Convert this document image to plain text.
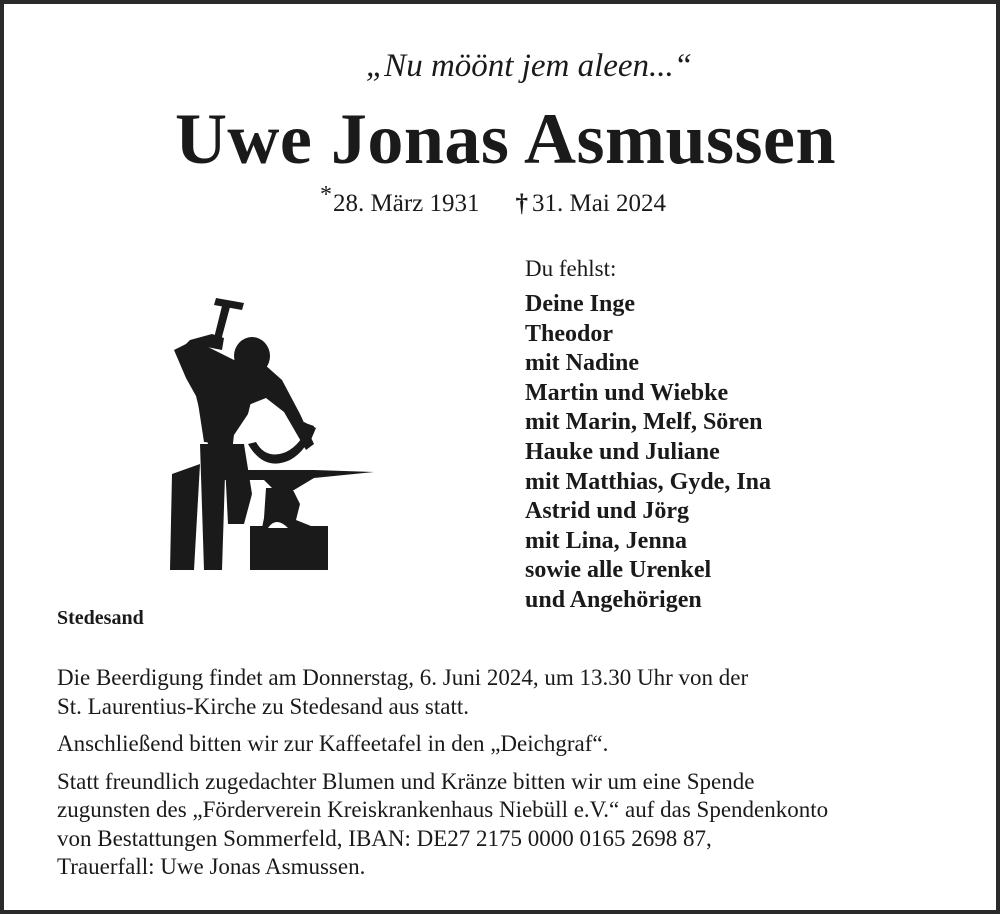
„Nu möönt jem aleen...“
Uwe Jonas Asmussen
*28. März 1931 † 31. Mai 2024
Du fehlst:
Deine Inge
Theodor
mit Nadine
Martin und Wiebke
mit Marin, Melf, Sören
Hauke und Juliane
mit Matthias, Gyde, Ina
Astrid und Jörg
mit Lina, Jenna
sowie alle Urenkel
und Angehörigen
Stedesand

Die Beerdigung findet am Donnerstag, 6. Juni 2024, um 13.30 Uhr von der

St. Laurentius-Kirche zu Stedesand aus statt.

Anschließend bitten wir zur Kaffeetafel in den „Deichgraf“.

Statt freundlich zugedachter Blumen und Kränze bitten wir um eine Spende

zugunsten des „Förderverein Kreiskrankenhaus Niebüll e.V.“ auf das Spendenkonto

von Bestattungen Sommerfeld, IBAN: DE27 2175 0000 0165 2698 87,

Trauerfall: Uwe Jonas Asmussen.
